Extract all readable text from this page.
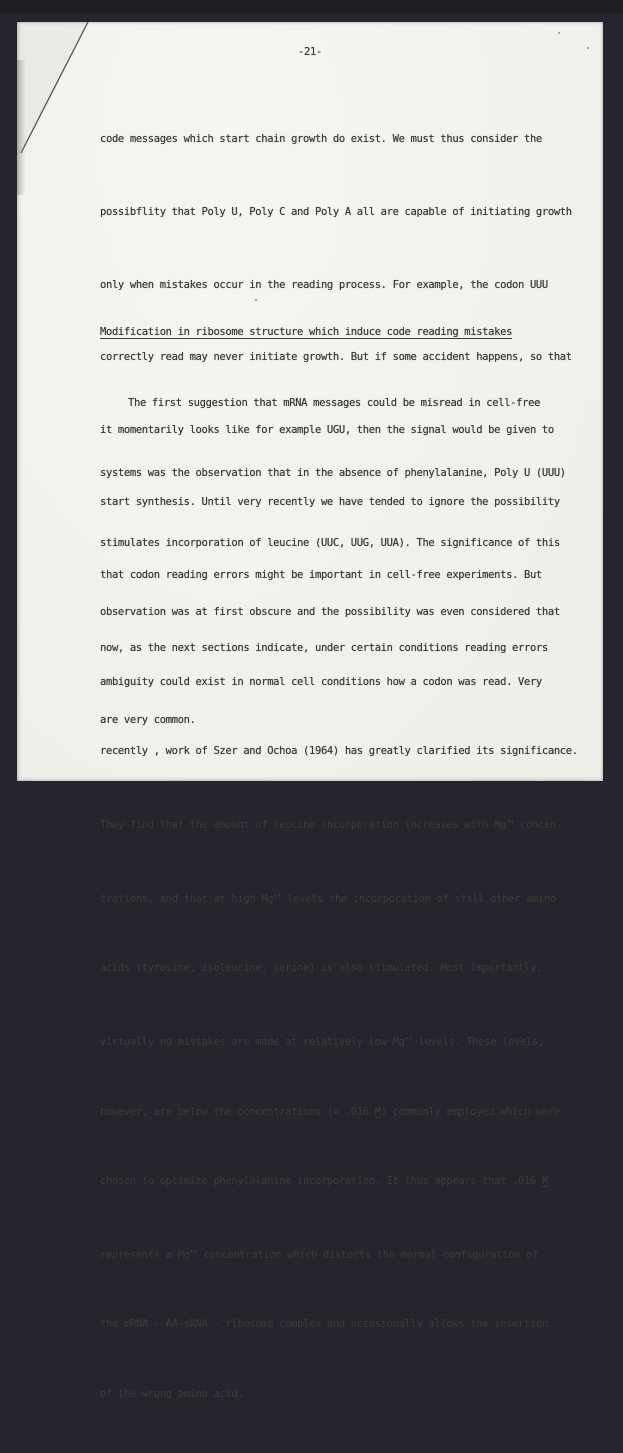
-21-

code messages which start chain growth do exist. We must thus consider the

possibflity that Poly U, Poly C and Poly A all are capable of initiating growth

only when mistakes occur in the reading process. For example, the codon UUU

correctly read may never initiate growth. But if some accident happens, so that

it momentarily looks like for example UGU, then the signal would be given to

start synthesis. Until very recently we have tended to ignore the possibility

that codon reading errors might be important in cell-free experiments. But

now, as the next sections indicate, under certain conditions reading errors

are very common.

Modification in ribosome structure which induce code reading mistakes

The first suggestion that mRNA messages could be misread in cell-free

systems was the observation that in the absence of phenylalanine, Poly U (UUU)

stimulates incorporation of leucine (UUC, UUG, UUA). The significance of this

observation was at first obscure and the possibility was even considered that

ambiguity could exist in normal cell conditions how a codon was read. Very

recently , work of Szer and Ochoa (1964) has greatly clarified its significance.

They find that the amount of leucine incorporation increases with Mg++ concen-

trations, and that at high Mg++ levels the incorporation of still other amino

acids (tyrosine, isoleucine, serine) is also stimulated. Most importantly,

virtually no mistakes are made at relatively low Mg++ levels. These levels,

however, are below the concentrations (≃ .016 M) commonly employed which were

chosen to optimize phenylalanine incorporation. It thus appears that .016 M

represents a Mg++ concentration which distorts the normal configuration of

the mRNA - AA~sRNA - ribosome complex and occasionally allows the insertion

of the wrong amino acid.
